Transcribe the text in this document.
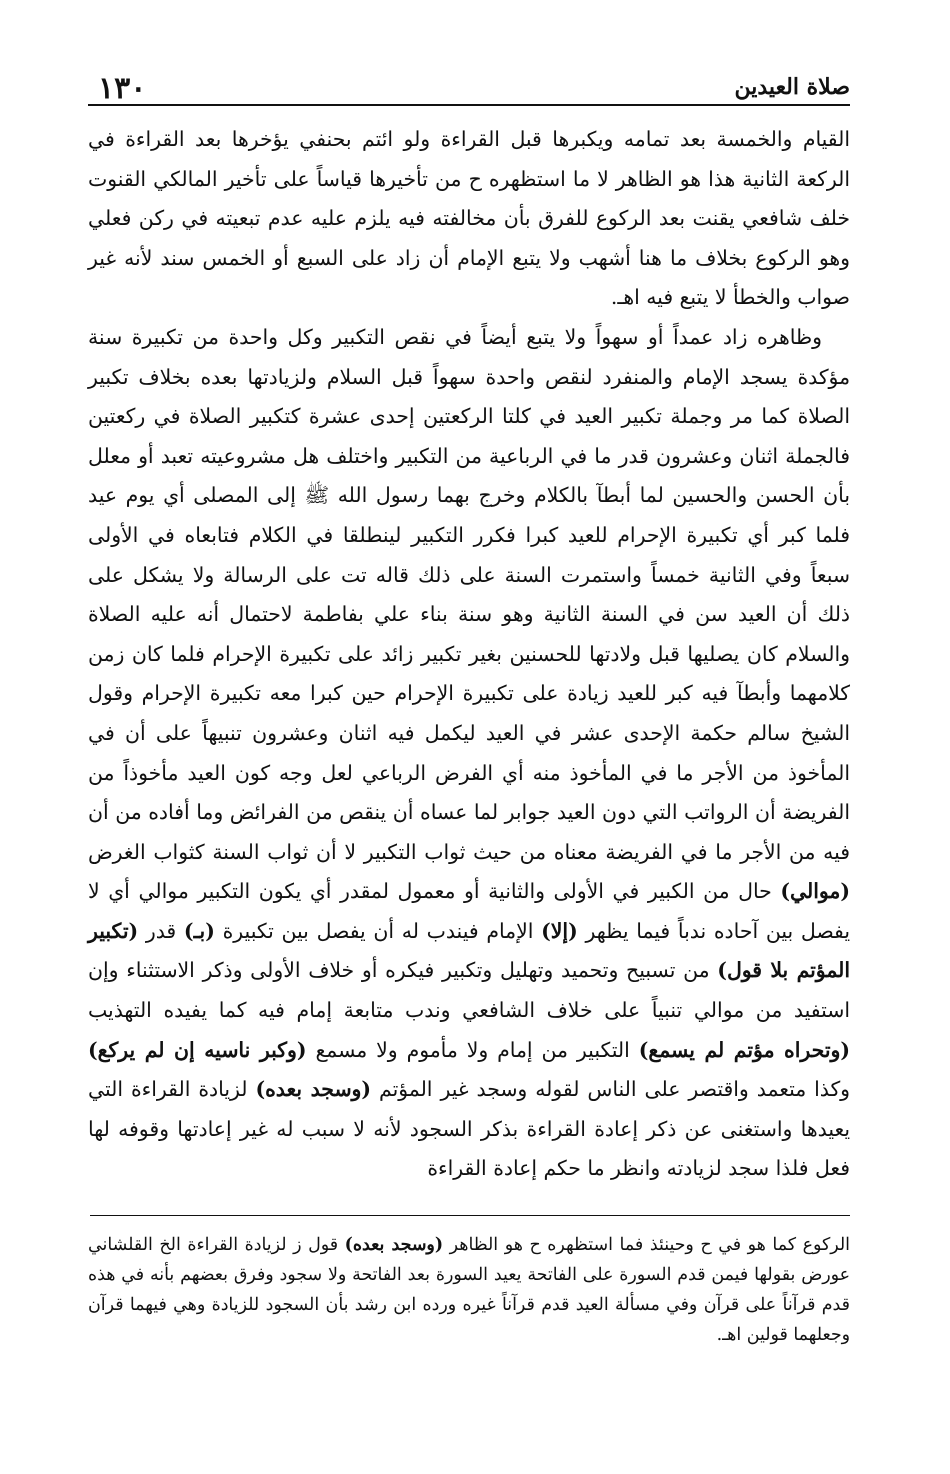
صلاة العيدين
١٣٠

القيام والخمسة بعد تمامه ويكبرها قبل القراءة ولو ائتم بحنفي يؤخرها بعد القراءة في الركعة الثانية هذا هو الظاهر لا ما استظهره ح من تأخيرها قياساً على تأخير المالكي القنوت خلف شافعي يقنت بعد الركوع للفرق بأن مخالفته فيه يلزم عليه عدم تبعيته في ركن فعلي وهو الركوع بخلاف ما هنا أشهب ولا يتبع الإمام أن زاد على السبع أو الخمس سند لأنه غير صواب والخطأ لا يتبع فيه اهـ.

وظاهره زاد عمداً أو سهواً ولا يتبع أيضاً في نقص التكبير وكل واحدة من تكبيرة سنة مؤكدة يسجد الإمام والمنفرد لنقص واحدة سهواً قبل السلام ولزيادتها بعده بخلاف تكبير الصلاة كما مر وجملة تكبير العيد في كلتا الركعتين إحدى عشرة كتكبير الصلاة في ركعتين فالجملة اثنان وعشرون قدر ما في الرباعية من التكبير واختلف هل مشروعيته تعبد أو معلل بأن الحسن والحسين لما أبطآ بالكلام وخرج بهما رسول الله ﷺ إلى المصلى أي يوم عيد فلما كبر أي تكبيرة الإحرام للعيد كبرا فكرر التكبير لينطلقا في الكلام فتابعاه في الأولى سبعاً وفي الثانية خمساً واستمرت السنة على ذلك قاله تت على الرسالة ولا يشكل على ذلك أن العيد سن في السنة الثانية وهو سنة بناء علي بفاطمة لاحتمال أنه عليه الصلاة والسلام كان يصليها قبل ولادتها للحسنين بغير تكبير زائد على تكبيرة الإحرام فلما كان زمن كلامهما وأبطآ فيه كبر للعيد زيادة على تكبيرة الإحرام حين كبرا معه تكبيرة الإحرام وقول الشيخ سالم حكمة الإحدى عشر في العيد ليكمل فيه اثنان وعشرون تنبيهاً على أن في المأخوذ من الأجر ما في المأخوذ منه أي الفرض الرباعي لعل وجه كون العيد مأخوذاً من الفريضة أن الرواتب التي دون العيد جوابر لما عساه أن ينقص من الفرائض وما أفاده من أن فيه من الأجر ما في الفريضة معناه من حيث ثواب التكبير لا أن ثواب السنة كثواب الغرض (موالي) حال من الكبير في الأولى والثانية أو معمول لمقدر أي يكون التكبير موالي أي لا يفصل بين آحاده ندباً فيما يظهر (إلا) الإمام فيندب له أن يفصل بين تكبيرة (بـ) قدر (تكبير المؤتم بلا قول) من تسبيح وتحميد وتهليل وتكبير فيكره أو خلاف الأولى وذكر الاستثناء وإن استفيد من موالي تنبياً على خلاف الشافعي وندب متابعة إمام فيه كما يفيده التهذيب (وتحراه مؤتم لم يسمع) التكبير من إمام ولا مأموم ولا مسمع (وكبر ناسيه إن لم يركع) وكذا متعمد واقتصر على الناس لقوله وسجد غير المؤتم (وسجد بعده) لزيادة القراءة التي يعيدها واستغنى عن ذكر إعادة القراءة بذكر السجود لأنه لا سبب له غير إعادتها وقوفه لها فعل فلذا سجد لزيادته وانظر ما حكم إعادة القراءة

الركوع كما هو في ح وحينئذ فما استظهره ح هو الظاهر (وسجد بعده) قول ز لزيادة القراءة الخ القلشاني عورض بقولها فيمن قدم السورة على الفاتحة يعيد السورة بعد الفاتحة ولا سجود وفرق بعضهم بأنه في هذه قدم قرآناً على قرآن وفي مسألة العيد قدم قرآناً غيره ورده ابن رشد بأن السجود للزيادة وهي فيهما قرآن وجعلهما قولين اهـ.
